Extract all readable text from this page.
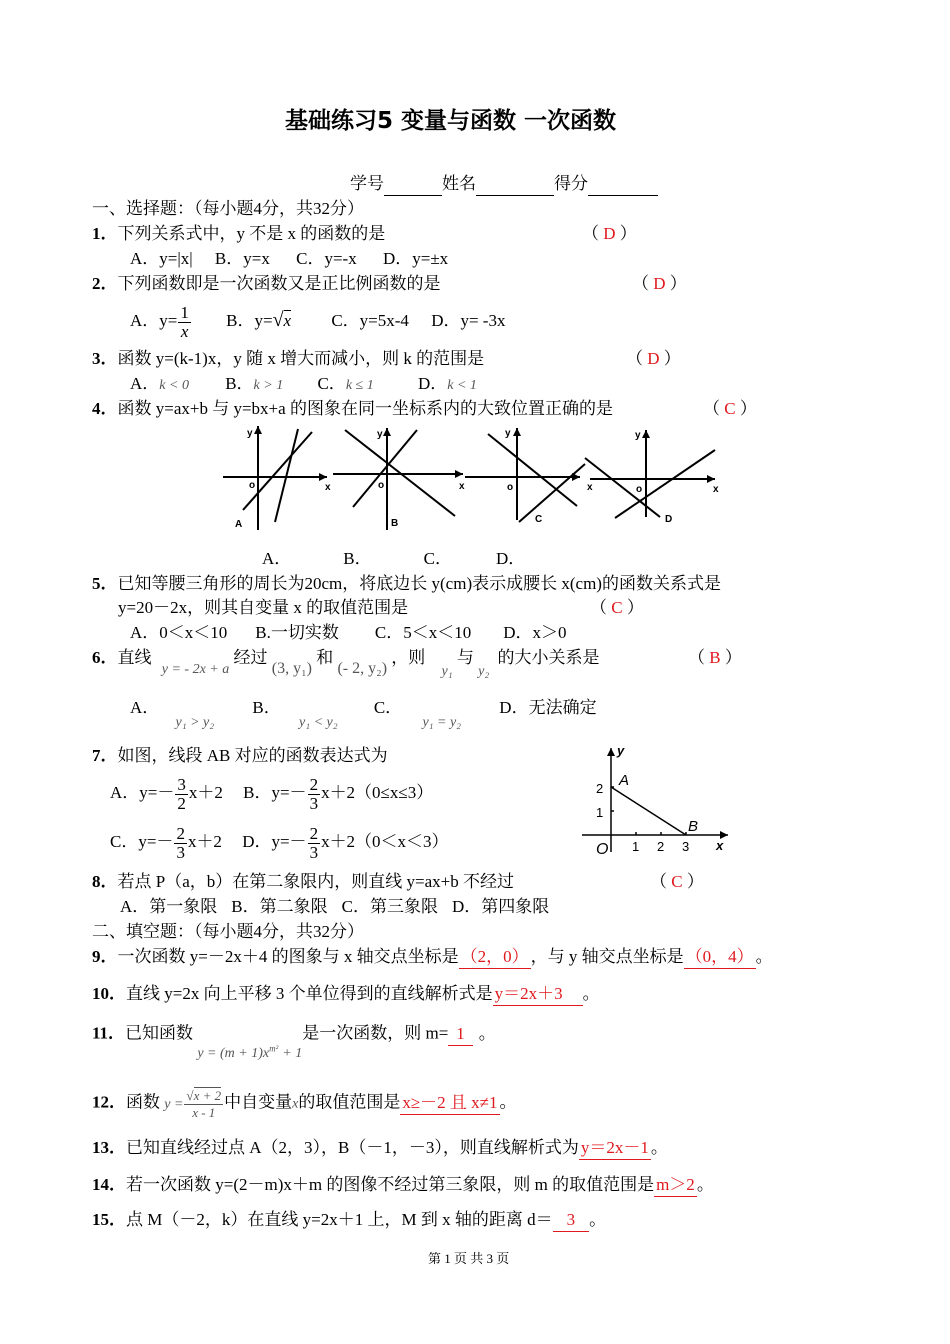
基础练习5 变量与函数 一次函数
学号	姓名	得分
一、选择题：（每小题4分，共32分）
1．下列关系式中，y 不是 x 的函数的是	（ D ）
A．y=|x| B．y=x C．y=-x D．y=±x
2．下列函数即是一次函数又是正比例函数的是	（ D ）
A．$y= \frac{1}{x}$ B．y=√x C．y=5x-4 D．y= -3x
3．函数 y=(k-1)x，y 随 x 增大而减小，则 k 的范围是	（ D ）
A．k < 0 B．k > 1 C．k ≤ 1	D．k < 1
4．函数 y=ax+b 与 y=bx+a 的图象在同一坐标系内的大致位置正确的是	（ C ）
y
o	x
A
y
o	x
B
y
o	x
C
y
o	x
D
A．	B．	C．	D．
5．已知等腰三角形的周长为20cm，将底边长 y(cm)表示成腰长 x(cm)的函数关系式是
y=20－2x，则其自变量 x 的取值范围是	（ C ）
A．0＜x＜10 B.一切实数 C．5＜x＜10 D．x＞0
6．直线 $_{y = - 2x + a}$ 经过 (3, y₁) 和 (- 2, y₂) ，则 $_{y_1}$ 与 $_{y_2}$ 的大小关系是	（ B ）
A． $_{y_1 > y_2}$ B． $_{y_1 < y_2}$ C． $_{y_1 = y_2}$ D．无法确定
7．如图，线段 AB 对应的函数表达式为
A．$y=- \frac{3}{2} x+2$ B．$y=- \frac{2}{3} x+2(0\le x\le 3)$
C．$y=- \frac{2}{3} x+2$ D．$y=- \frac{2}{3} x+2(0<x<3)$
y
x
O
A
B
1 2 3
1
2
8．若点 P（a，b）在第二象限内，则直线 y=ax+b 不经过	（ C ）
A．第一象限 B．第二象限 C．第三象限 D．第四象限
二、填空题：（每小题4分，共32分）
9．一次函数 y=－2x＋4 的图象与 x 轴交点坐标是 （2，0） ，与 y 轴交点坐标是 （0，4） 。
10．直线 y=2x 向上平移 3 个单位得到的直线解析式是 y＝2x＋3 。
11．已知函数 $_{y = (m + 1)x^{m^2} + 1}$是一次函数，则 m= 1 。
12．函数 $y = \frac{√x + 2}{x - 1}$ 中自变量x的取值范围是 x≥－2 且 x≠1 。
13．已知直线经过点 A（2，3），B（－1，－3），则直线解析式为 y＝2x－1 。
14．若一次函数 y=(2－m)x＋m 的图像不经过第三象限，则 m 的取值范围是 m＞2 。
15．点 M（－2，k）在直线 y=2x＋1 上，M 到 x 轴的距离 d＝ 3 。
第 1 页 共 3 页
